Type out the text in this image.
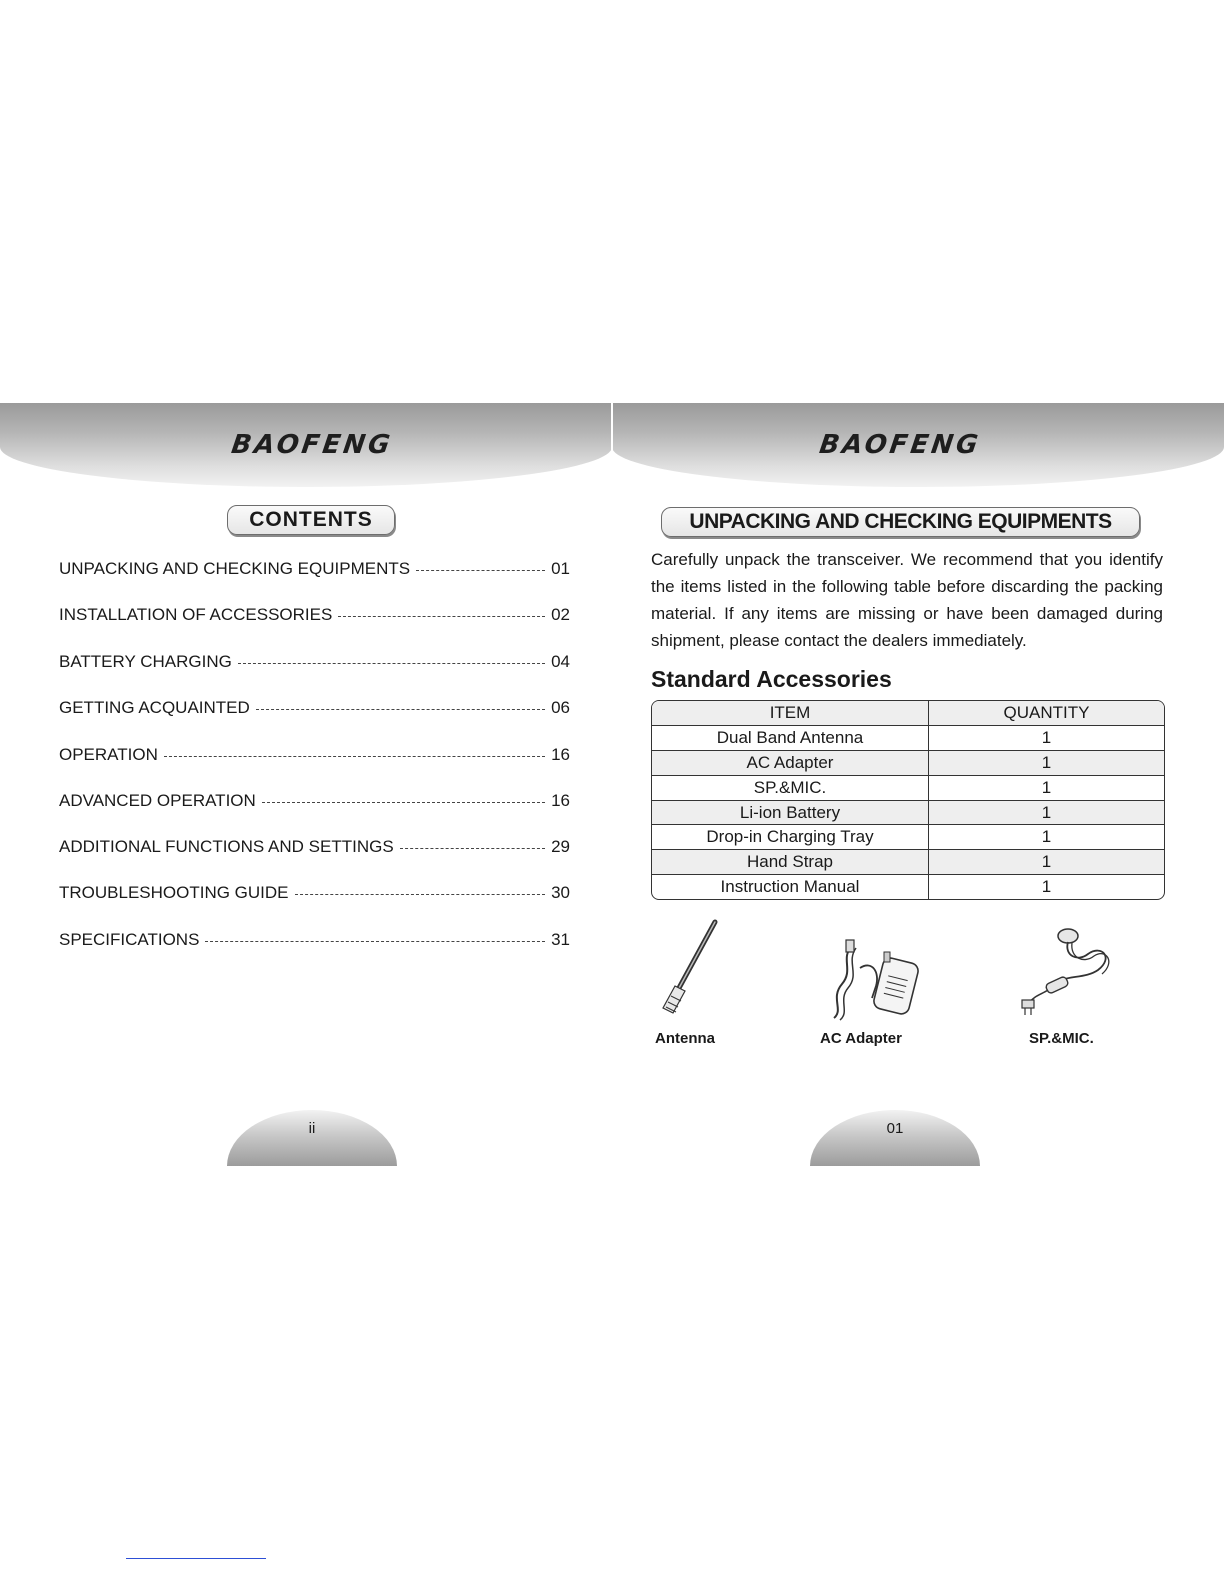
BAOFENG	BAOFENG
CONTENTS
UNPACKING AND CHECKING EQUIPMENTS	01
INSTALLATION OF ACCESSORIES	02
BATTERY CHARGING	04
GETTING ACQUAINTED	06
OPERATION	16
ADVANCED OPERATION	16
ADDITIONAL FUNCTIONS AND SETTINGS	29
TROUBLESHOOTING GUIDE	30
SPECIFICATIONS	31
ii
UNPACKING AND CHECKING EQUIPMENTS
Carefully unpack the transceiver. We recommend that you identify the items listed in the following table before discarding the packing material. If any items are missing or have been damaged during shipment, please contact the dealers immediately.
Standard Accessories
ITEM	QUANTITY
Dual Band Antenna	1
AC Adapter	1
SP.&MIC.	1
Li-ion Battery	1
Drop-in Charging Tray	1
Hand Strap	1
Instruction Manual	1
Antenna	AC Adapter	SP.&MIC.
01
